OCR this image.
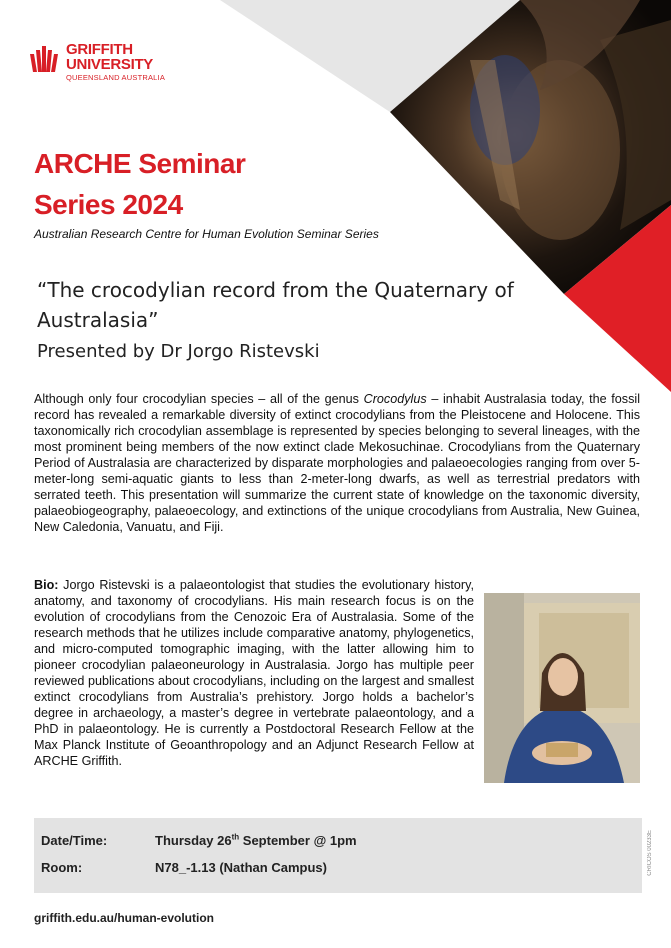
GRIFFITH
UNIVERSITY
QUEENSLAND AUSTRALIA
ARCHE Seminar
Series 2024
Australian Research Centre for Human Evolution Seminar Series
“The crocodylian record from the Quaternary of Australasia”
Presented by Dr Jorgo Ristevski
Although only four crocodylian species – all of the genus Crocodylus – inhabit Australasia today, the fossil record has revealed a remarkable diversity of extinct crocodylians from the Pleistocene and Holocene. This taxonomically rich crocodylian assemblage is represented by species belonging to several lineages, with the most prominent being members of the now extinct clade Mekosuchinae. Crocodylians from the Quaternary Period of Australasia are characterized by disparate morphologies and palaeoecologies ranging from over 5-meter-long semi-aquatic giants to less than 2-meter-long dwarfs, as well as terrestrial predators with serrated teeth. This presentation will summarize the current state of knowledge on the taxonomic diversity, palaeobiogeography, palaeoecology, and extinctions of the unique crocodylians from Australia, New Guinea, New Caledonia, Vanuatu, and Fiji.
Bio: Jorgo Ristevski is a palaeontologist that studies the evolutionary history, anatomy, and taxonomy of crocodylians. His main research focus is on the evolution of crocodylians from the Cenozoic Era of Australasia. Some of the research methods that he utilizes include comparative anatomy, phylogenetics, and micro-computed tomographic imaging, with the latter allowing him to pioneer crocodylian palaeoneurology in Australasia. Jorgo has multiple peer reviewed publications about crocodylians, including on the largest and smallest extinct crocodylians from Australia’s prehistory. Jorgo holds a bachelor’s degree in archaeology, a master’s degree in vertebrate palaeontology, and a PhD in palaeontology. He is currently a Postdoctoral Research Fellow at the Max Planck Institute of Geoanthropology and an Adjunct Research Fellow at ARCHE Griffith.
Date/Time:	Thursday 26th September @ 1pm
Room:	N78_-1.13 (Nathan Campus)	CRICOS 00233E
griffith.edu.au/human-evolution
